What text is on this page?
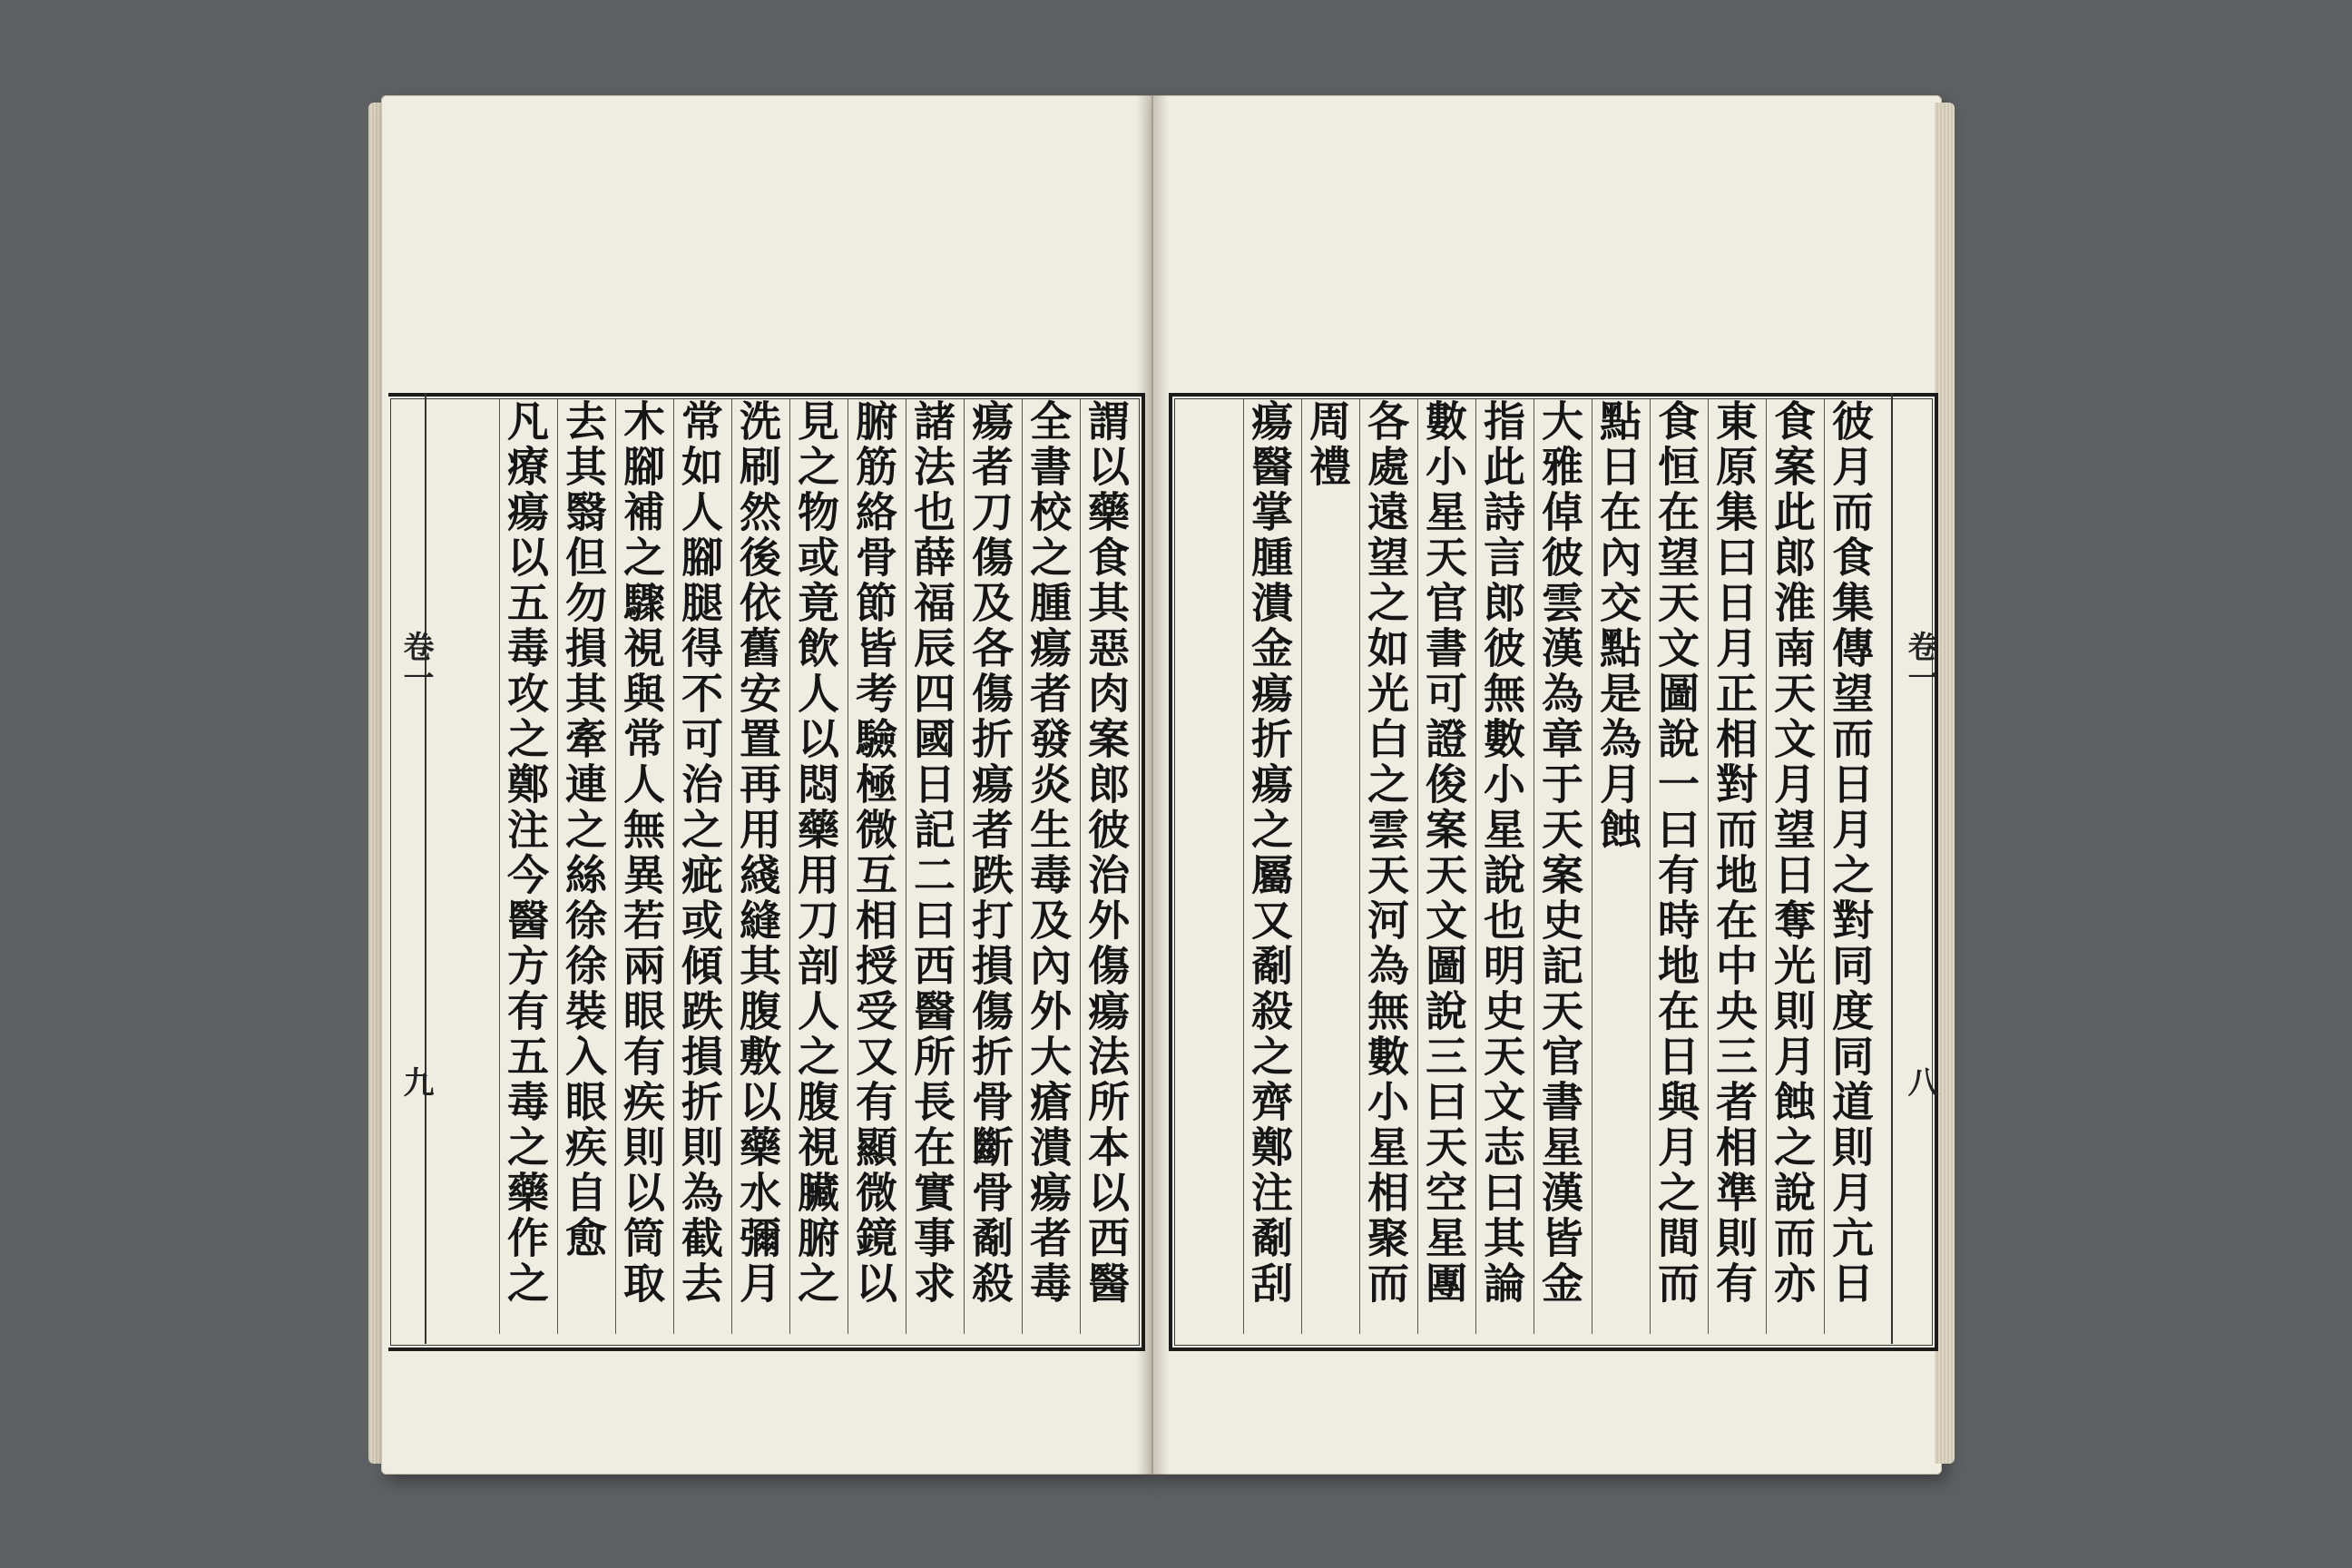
卷一
九
謂以藥食其惡肉案郎彼治外傷瘍法所本以西醫
全書校之腫瘍者發炎生毒及內外大瘡潰瘍者毒
瘍者刀傷及各傷折瘍者跌打損傷折骨斷骨劀殺
諸法也薛福辰四國日記二曰西醫所長在實事求
腑筋絡骨節皆考驗極微互相授受又有顯微鏡以
見之物或竟飲人以悶藥用刀剖人之腹視臟腑之
洗刷然後依舊安置再用綫縫其腹敷以藥水彌月
常如人腳腿得不可治之疵或傾跌損折則為截去
木腳補之驟視與常人無異若兩眼有疾則以筒取
去其翳但勿損其牽連之絲徐徐裝入眼疾自愈
凡療瘍以五毒攻之鄭注今醫方有五毒之藥作之
彼月而食集傳望而日月之對同度同道則月亢日
食案此郎淮南天文月望日奪光則月蝕之說而亦
東原集曰日月正相對而地在中央三者相準則有
食恒在望天文圖說一曰有時地在日與月之間而
點日在內交點是為月蝕
大雅倬彼雲漢為章于天案史記天官書星漢皆金
指此詩言郎彼無數小星說也明史天文志曰其論
數小星天官書可證俊案天文圖說三曰天空星團
各處遠望之如光白之雲天河為無數小星相聚而
周禮
瘍醫掌腫潰金瘍折瘍之屬又劀殺之齊鄭注劀刮
卷一
八
